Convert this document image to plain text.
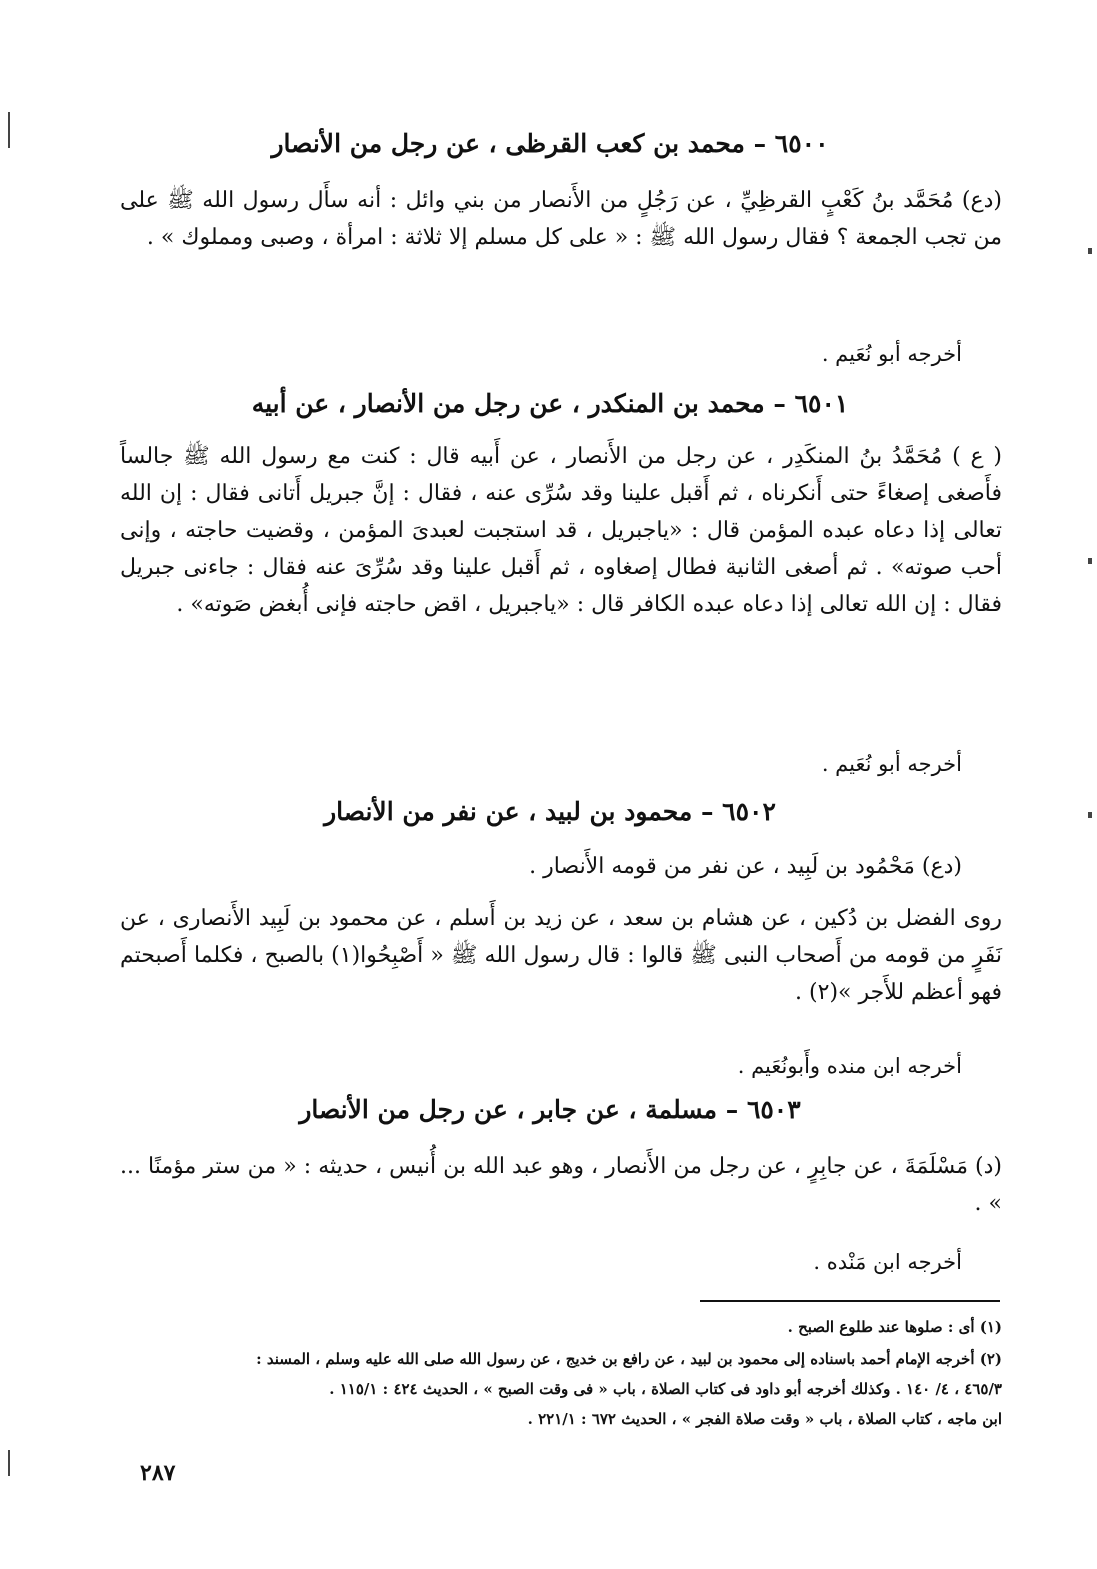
٦٥٠٠ – محمد بن كعب القرظى ، عن رجل من الأنصار
(دع) مُحَمَّد بنُ كَعْبٍ القرظِيِّ ، عن رَجُلٍ من الأَنصار من بني وائل : أنه سأَل رسول الله ﷺ على من تجب الجمعة ؟ فقال رسول الله ﷺ : « على كل مسلم إلا ثلاثة : امرأة ، وصبى ومملوك » .
أخرجه أبو نُعَيم .
٦٥٠١ – محمد بن المنكدر ، عن رجل من الأنصار ، عن أبيه
( ع ) مُحَمَّدُ بنُ المنكَدِر ، عن رجل من الأَنصار ، عن أَبيه قال : كنت مع رسول الله ﷺ جالساً فأَصغى إصغاءً حتى أَنكرناه ، ثم أَقبل علينا وقد سُرِّى عنه ، فقال : إنَّ جبريل أَتانى فقال : إن الله تعالى إذا دعاه عبده المؤمن قال : «ياجبريل ، قد استجبت لعبدىَ المؤمن ، وقضيت حاجته ، وإنى أحب صوته» . ثم أصغى الثانية فطال إصغاوه ، ثم أَقبل علينا وقد سُرِّىَ عنه فقال : جاءنى جبريل فقال : إن الله تعالى إذا دعاه عبده الكافر قال : «ياجبريل ، اقض حاجته فإنى أُبغض صَوته» .
أخرجه أبو نُعَيم .
٦٥٠٢ – محمود بن لبيد ، عن نفر من الأنصار
(دع) مَحْمُود بن لَبِيد ، عن نفر من قومه الأَنصار .
روى الفضل بن دُكين ، عن هشام بن سعد ، عن زيد بن أَسلم ، عن محمود بن لَبِيد الأَنصارى ، عن نَفَرٍ من قومه من أَصحاب النبى ﷺ قالوا : قال رسول الله ﷺ « أَصْبِحُوا(١) بالصبح ، فكلما أَصبحتم فهو أعظم للأَجر »(٢) .
أخرجه ابن منده وأَبونُعَيم .
٦٥٠٣ – مسلمة ، عن جابر ، عن رجل من الأنصار
(د) مَسْلَمَةَ ، عن جابِرٍ ، عن رجل من الأَنصار ، وهو عبد الله بن أُنيس ، حديثه : « من ستر مؤمنًا ... » .
أخرجه ابن مَنْده .
(١) أى : صلوها عند طلوع الصبح .
(٢) أخرجه الإمام أحمد باسناده إلى محمود بن لبيد ، عن رافع بن خديج ، عن رسول الله صلى الله عليه وسلم ، المسند :
٤٦٥/٣ ، ٤/ ١٤٠ . وكذلك أخرجه أبو داود فى كتاب الصلاة ، باب « فى وقت الصبح » ، الحديث ٤٢٤ : ١١٥/١ .
ابن ماجه ، كتاب الصلاة ، باب « وقت صلاة الفجر » ، الحديث ٦٧٢ : ٢٢١/١ .
٢٨٧
